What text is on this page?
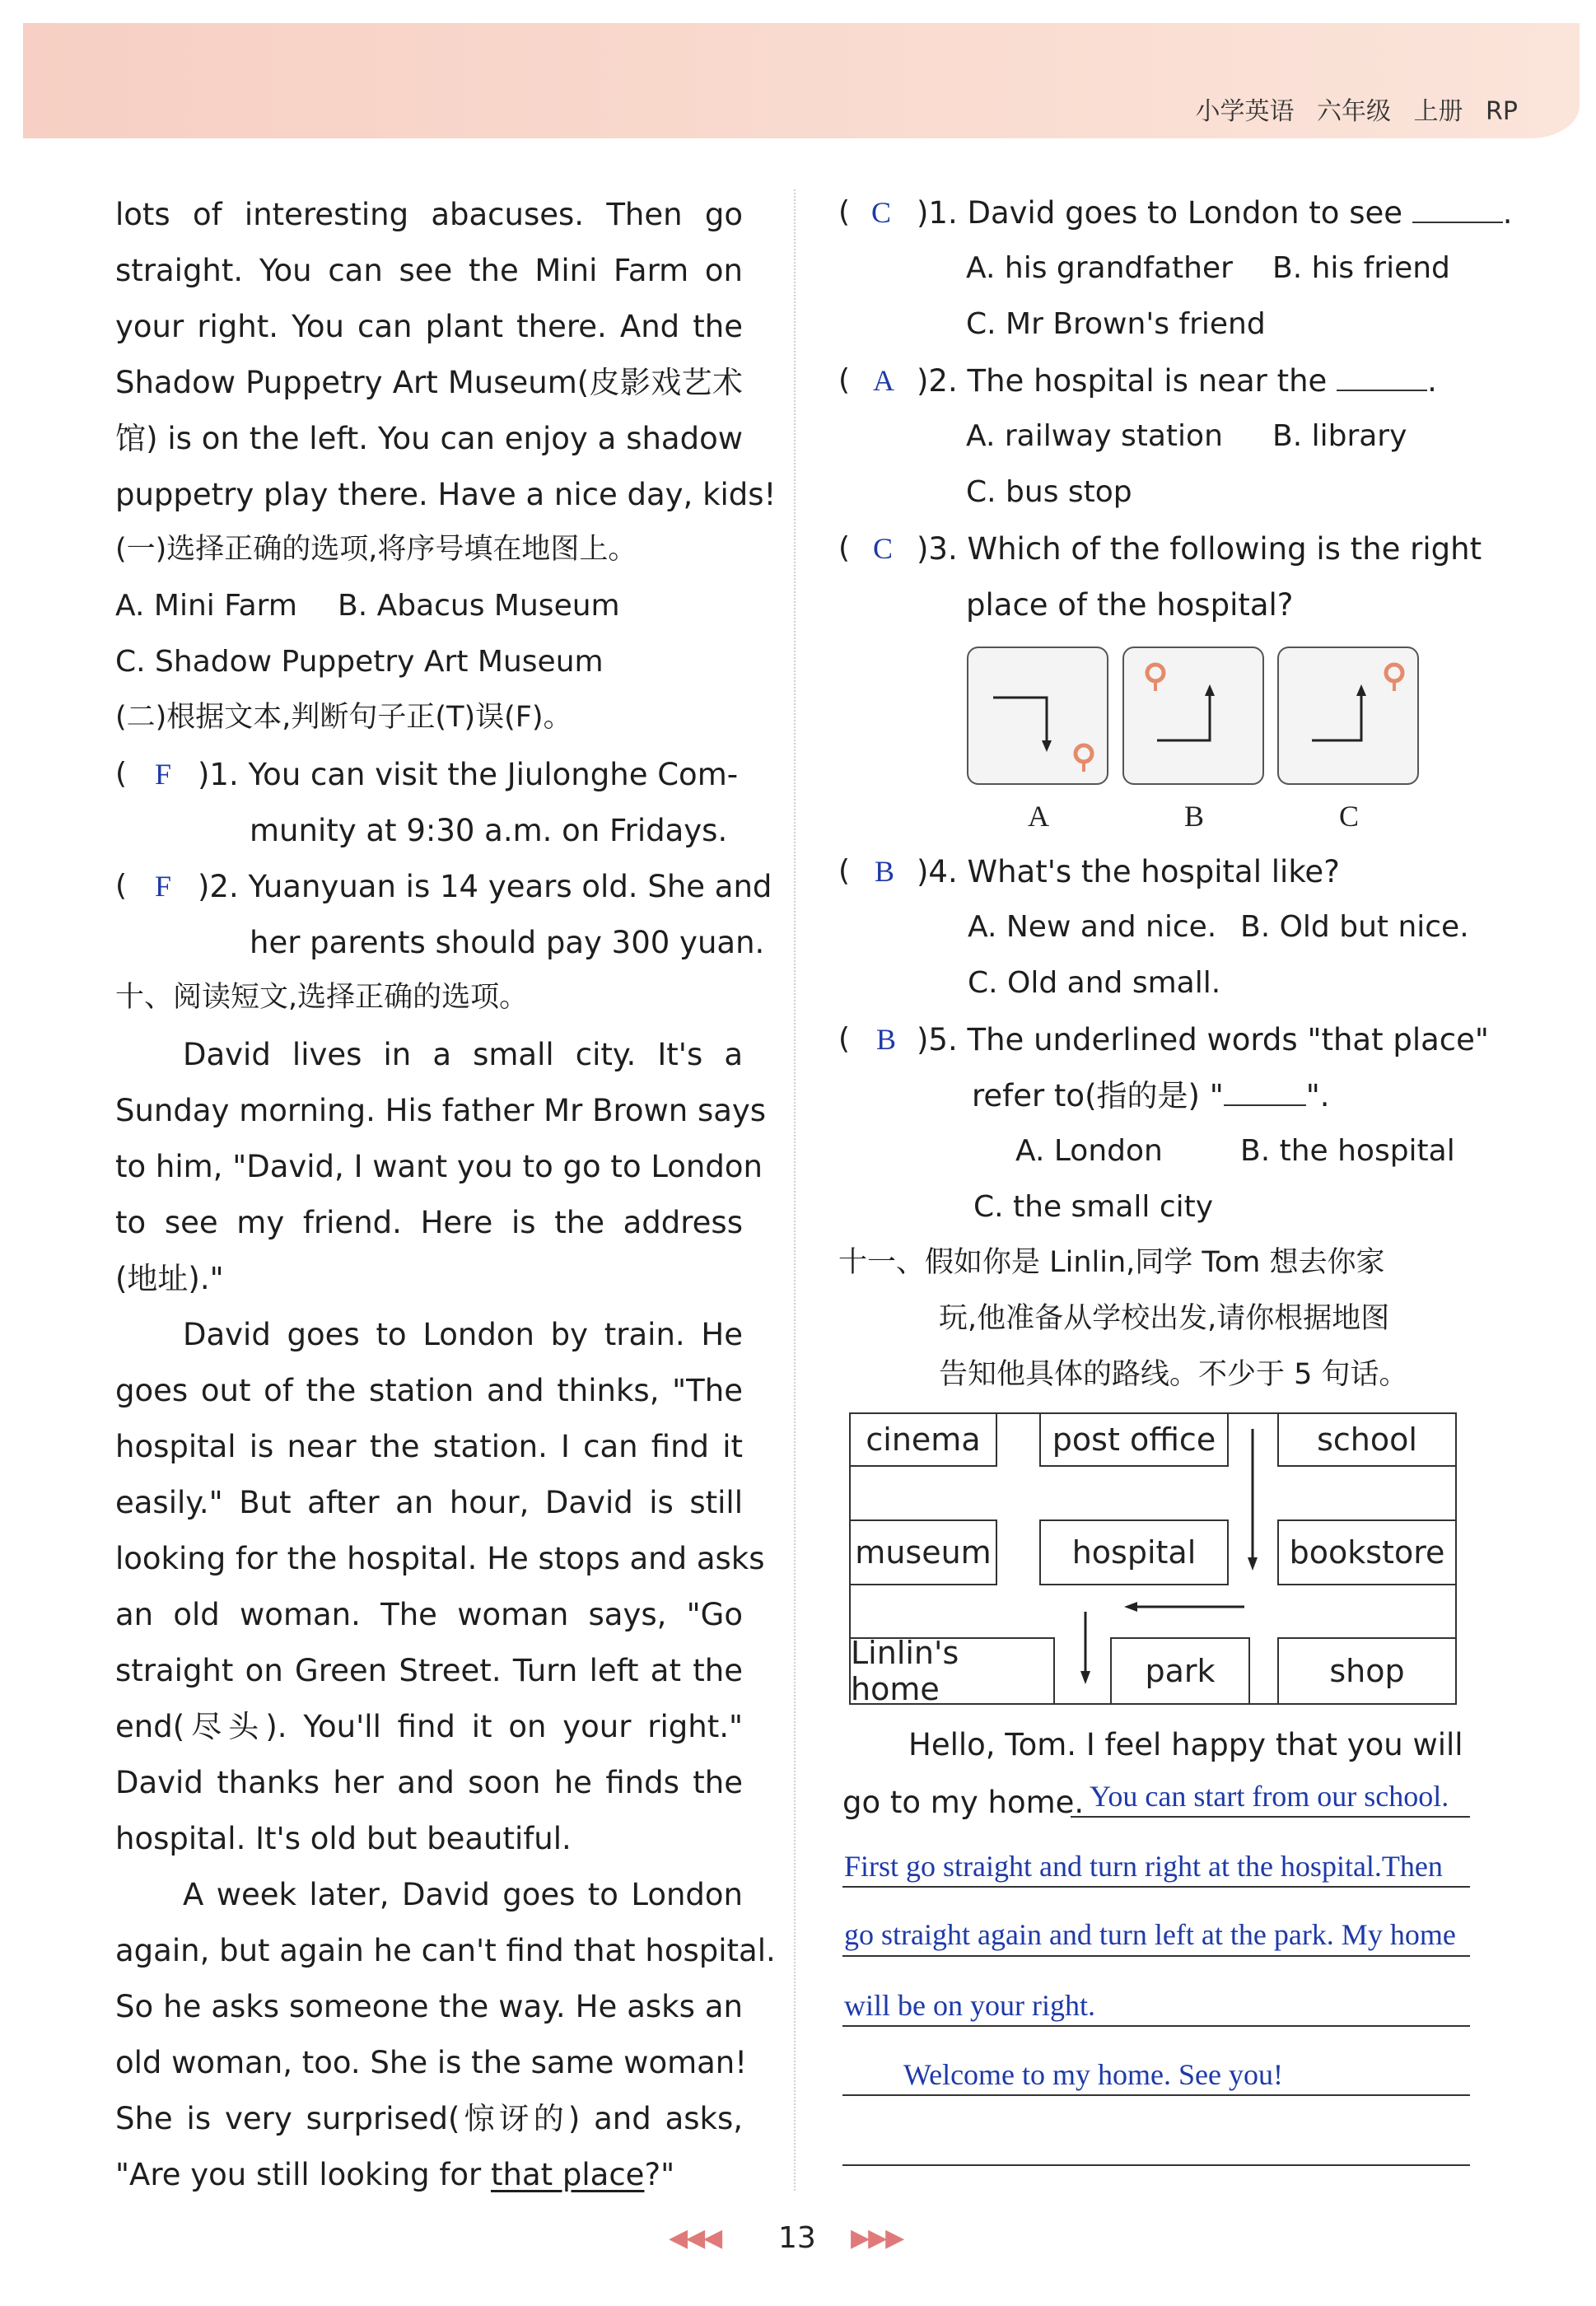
小学英语 六年级 上册 RP
lots of interesting abacuses. Then go
straight. You can see the Mini Farm on
your right. You can plant there. And the
Shadow Puppetry Art Museum(皮影戏艺术
馆) is on the left. You can enjoy a shadow
puppetry play there. Have a nice day, kids!
(一)选择正确的选项,将序号填在地图上。
A. Mini Farm B. Abacus Museum
C. Shadow Puppetry Art Museum
(二)根据文本,判断句子正(T)误(F)。
( F )1. You can visit the Jiulonghe Com-
munity at 9:30 a.m. on Fridays.
( F )2. Yuanyuan is 14 years old. She and
her parents should pay 300 yuan.
十、阅读短文,选择正确的选项。
David lives in a small city. It's a
Sunday morning. His father Mr Brown says
to him, "David, I want you to go to London
to see my friend. Here is the address
(地址)."
David goes to London by train. He
goes out of the station and thinks, "The
hospital is near the station. I can find it
easily." But after an hour, David is still
looking for the hospital. He stops and asks
an old woman. The woman says, "Go
straight on Green Street. Turn left at the
end(尽头). You'll find it on your right."
David thanks her and soon he finds the
hospital. It's old but beautiful.
A week later, David goes to London
again, but again he can't find that hospital.
So he asks someone the way. He asks an
old woman, too. She is the same woman!
She is very surprised(惊讶的) and asks,
"Are you still looking for that place?"
( C )1. David goes to London to see	.
A. his grandfather B. his friend
C. Mr Brown's friend
( A )2. The hospital is near the	.
A. railway station B. library
C. bus stop
( C )3. Which of the following is the right
place of the hospital?
A	B	C
( B )4. What's the hospital like?
A. New and nice. B. Old but nice.
C. Old and small.
( B )5. The underlined words "that place"
refer to(指的是) "	".
A. London	B. the hospital
C. the small city
十一、假如你是 Linlin,同学 Tom 想去你家
玩,他准备从学校出发,请你根据地图
告知他具体的路线。不少于 5 句话。
cinema	post office	school
museum	hospital	bookstore
Linlin's home	park	shop
Hello, Tom. I feel happy that you will
go to my home. You can start from our school.
First go straight and turn right at the hospital.Then
go straight again and turn left at the park. My home
will be on your right.
Welcome to my home. See you!
◀◀◀ 13 ▶▶▶
